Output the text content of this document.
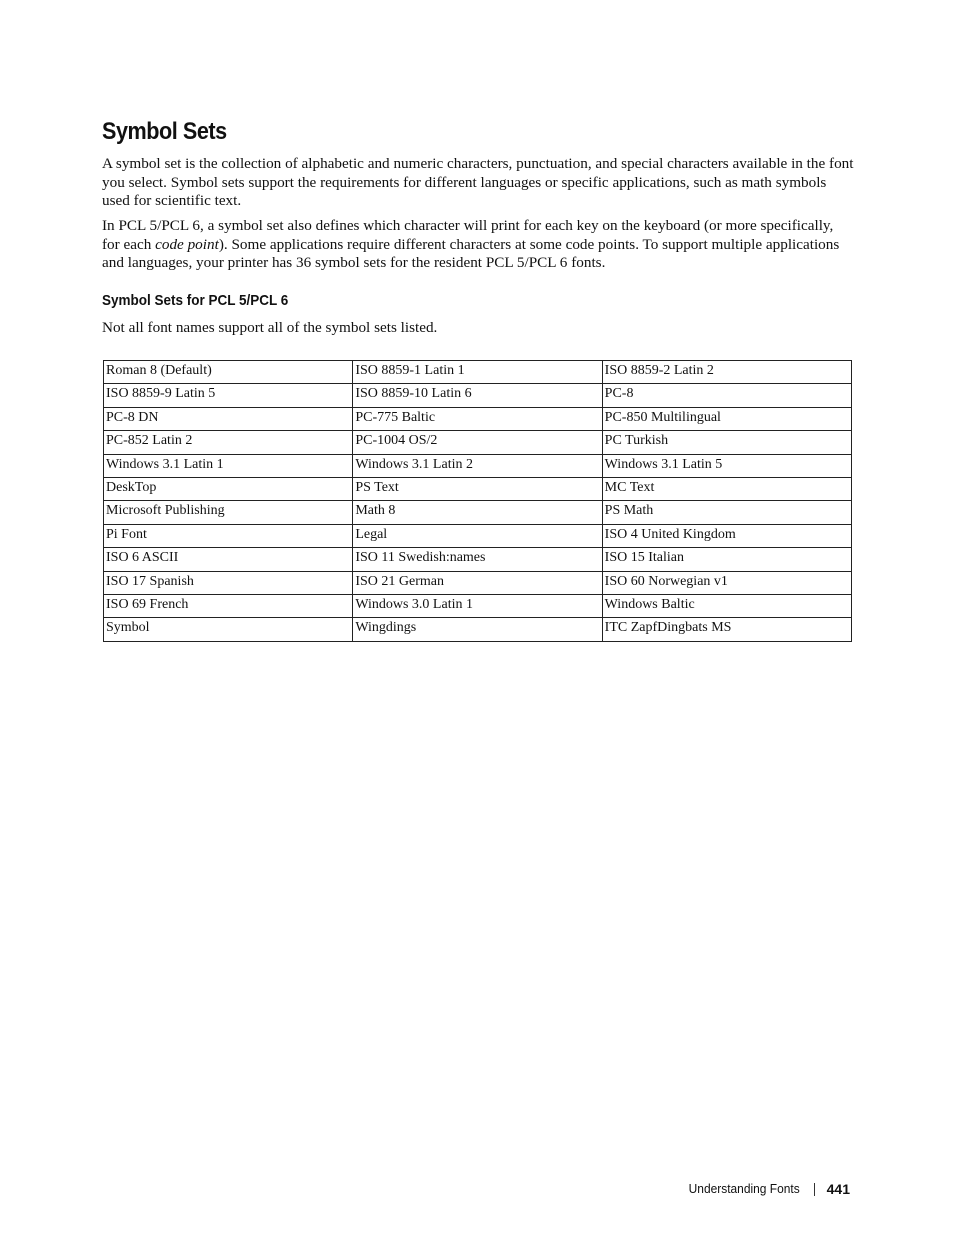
Symbol Sets

A symbol set is the collection of alphabetic and numeric characters, punctuation, and special characters available in the font you select. Symbol sets support the requirements for different languages or specific applications, such as math symbols used for scientific text.

In PCL 5/PCL 6, a symbol set also defines which character will print for each key on the keyboard (or more specifically, for each code point). Some applications require different characters at some code points. To support multiple applications and languages, your printer has 36 symbol sets for the resident PCL 5/PCL 6 fonts.

Symbol Sets for PCL 5/PCL 6

Not all font names support all of the symbol sets listed.

Roman 8 (Default)	ISO 8859-1 Latin 1	ISO 8859-2 Latin 2
ISO 8859-9 Latin 5	ISO 8859-10 Latin 6	PC-8
PC-8 DN	PC-775 Baltic	PC-850 Multilingual
PC-852 Latin 2	PC-1004 OS/2	PC Turkish
Windows 3.1 Latin 1	Windows 3.1 Latin 2	Windows 3.1 Latin 5
DeskTop	PS Text	MC Text
Microsoft Publishing	Math 8	PS Math
Pi Font	Legal	ISO 4 United Kingdom
ISO 6 ASCII	ISO 11 Swedish:names	ISO 15 Italian
ISO 17 Spanish	ISO 21 German	ISO 60 Norwegian v1
ISO 69 French	Windows 3.0 Latin 1	Windows Baltic
Symbol	Wingdings	ITC ZapfDingbats MS
Understanding Fonts 441
